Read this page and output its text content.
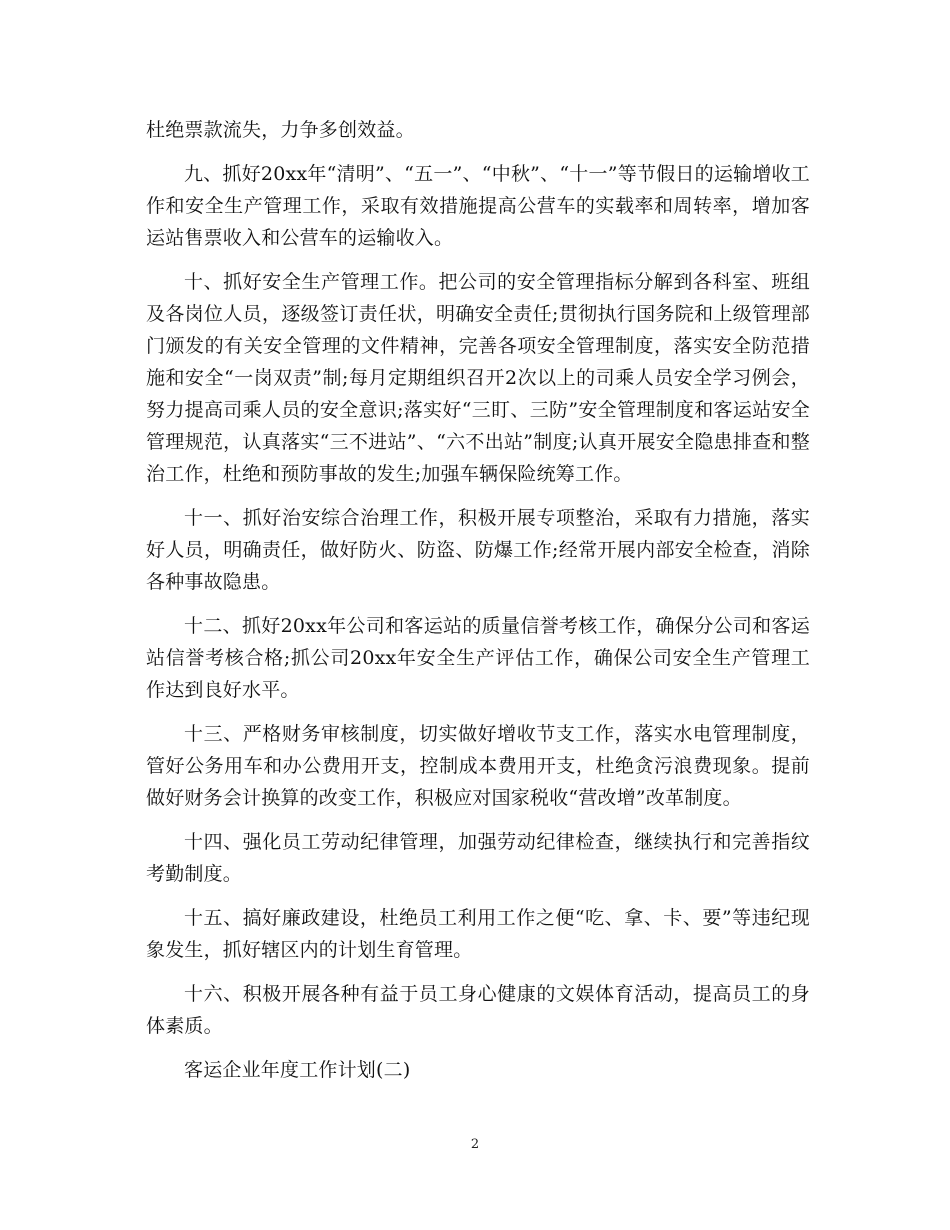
杜绝票款流失，力争多创效益。

九、抓好20xx年“清明”、“五一”、“中秋”、“十一”等节假日的运输增收工作和安全生产管理工作，采取有效措施提高公营车的实载率和周转率，增加客运站售票收入和公营车的运输收入。

十、抓好安全生产管理工作。把公司的安全管理指标分解到各科室、班组及各岗位人员，逐级签订责任状，明确安全责任;贯彻执行国务院和上级管理部门颁发的有关安全管理的文件精神，完善各项安全管理制度，落实安全防范措施和安全“一岗双责”制;每月定期组织召开2次以上的司乘人员安全学习例会，努力提高司乘人员的安全意识;落实好“三盯、三防”安全管理制度和客运站安全管理规范，认真落实“三不进站”、“六不出站”制度;认真开展安全隐患排查和整治工作，杜绝和预防事故的发生;加强车辆保险统筹工作。

十一、抓好治安综合治理工作，积极开展专项整治，采取有力措施，落实好人员，明确责任，做好防火、防盗、防爆工作;经常开展内部安全检查，消除各种事故隐患。

十二、抓好20xx年公司和客运站的质量信誉考核工作，确保分公司和客运站信誉考核合格;抓公司20xx年安全生产评估工作，确保公司安全生产管理工作达到良好水平。

十三、严格财务审核制度，切实做好增收节支工作，落实水电管理制度，管好公务用车和办公费用开支，控制成本费用开支，杜绝贪污浪费现象。提前做好财务会计换算的改变工作，积极应对国家税收“营改增”改革制度。

十四、强化员工劳动纪律管理，加强劳动纪律检查，继续执行和完善指纹考勤制度。

十五、搞好廉政建设，杜绝员工利用工作之便“吃、拿、卡、要”等违纪现象发生，抓好辖区内的计划生育管理。

十六、积极开展各种有益于员工身心健康的文娱体育活动，提高员工的身体素质。

客运企业年度工作计划(二)

2
